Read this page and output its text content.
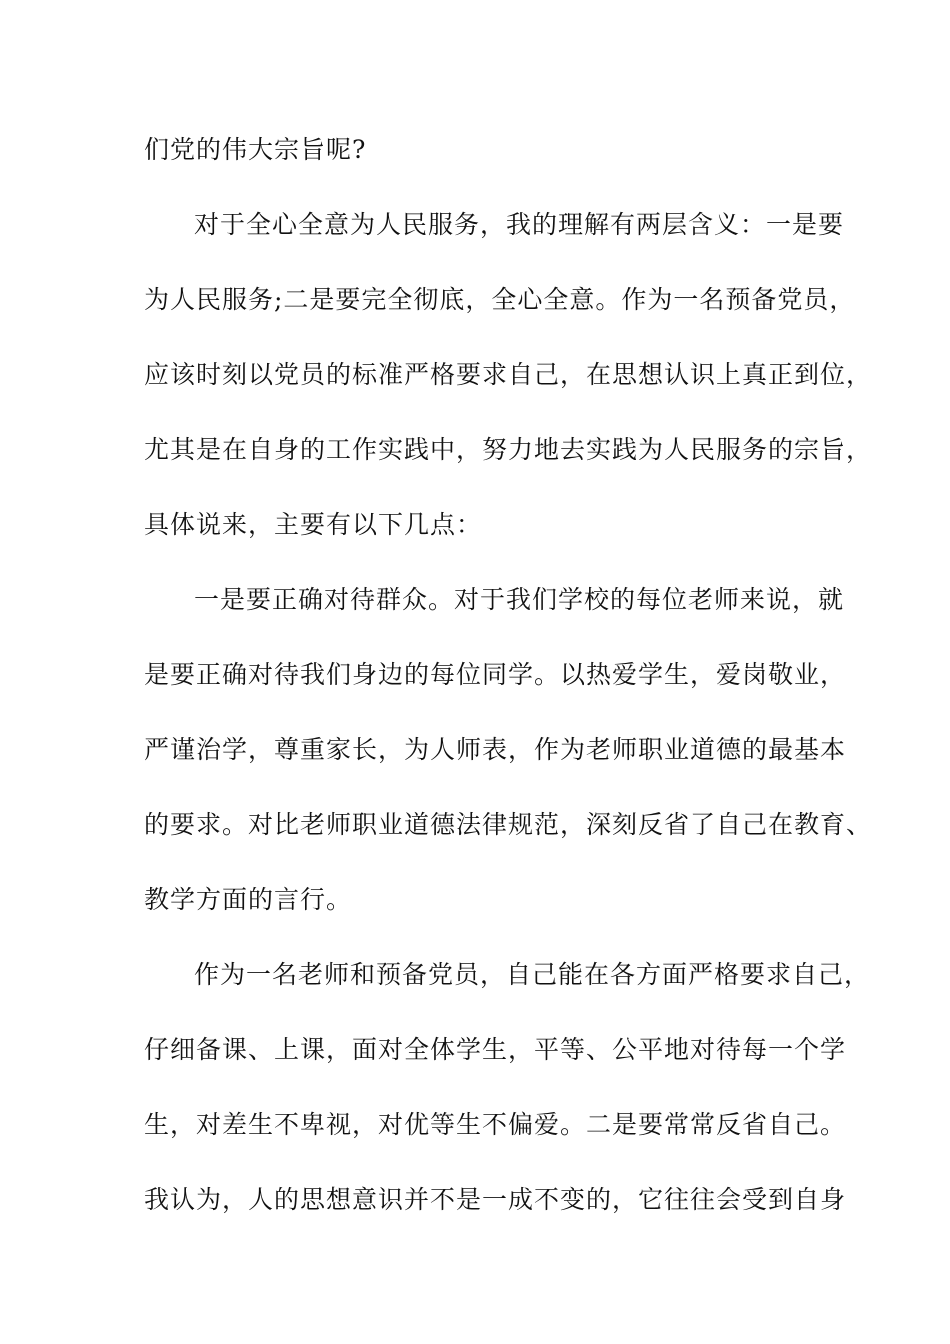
们党的伟大宗旨呢?

对于全心全意为人民服务，我的理解有两层含义：一是要

为人民服务;二是要完全彻底，全心全意。作为一名预备党员，

应该时刻以党员的标准严格要求自己，在思想认识上真正到位，

尤其是在自身的工作实践中，努力地去实践为人民服务的宗旨，

具体说来，主要有以下几点：

一是要正确对待群众。对于我们学校的每位老师来说，就

是要正确对待我们身边的每位同学。以热爱学生，爱岗敬业，

严谨治学，尊重家长，为人师表，作为老师职业道德的最基本

的要求。对比老师职业道德法律规范，深刻反省了自己在教育、

教学方面的言行。

作为一名老师和预备党员，自己能在各方面严格要求自己，

仔细备课、上课，面对全体学生，平等、公平地对待每一个学

生，对差生不卑视，对优等生不偏爱。二是要常常反省自己。

我认为，人的思想意识并不是一成不变的，它往往会受到自身
